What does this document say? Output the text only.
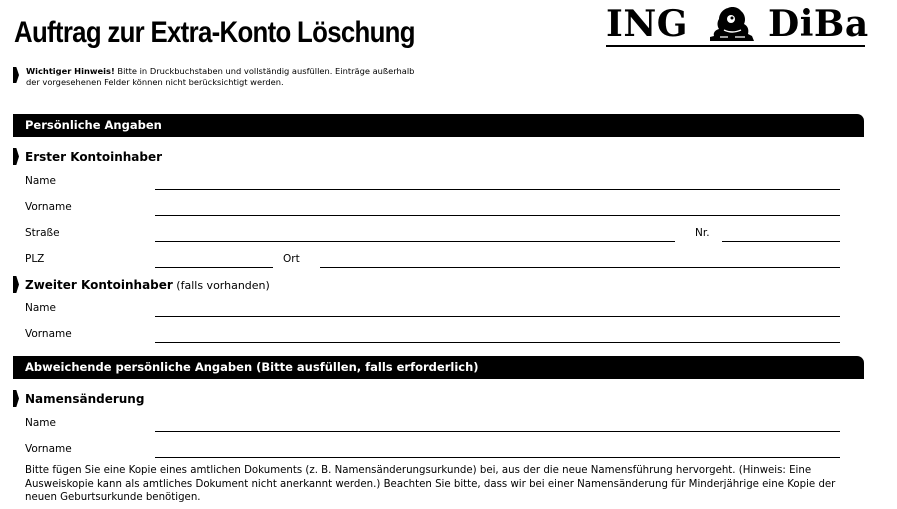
Auftrag zur Extra-Konto Löschung	ING DiBa
Wichtiger Hinweis! Bitte in Druckbuchstaben und vollständig ausfüllen. Einträge außerhalb
der vorgesehenen Felder können nicht berücksichtigt werden.
Persönliche Angaben
Erster Kontoinhaber
Name
Vorname
Straße	Nr.
PLZ	Ort
Zweiter Kontoinhaber (falls vorhanden)
Name
Vorname
Abweichende persönliche Angaben (Bitte ausfüllen, falls erforderlich)
Namensänderung
Name
Vorname
Bitte fügen Sie eine Kopie eines amtlichen Dokuments (z. B. Namensänderungsurkunde) bei, aus der die neue Namensführung hervorgeht. (Hinweis: Eine Ausweiskopie kann als amtliches Dokument nicht anerkannt werden.) Beachten Sie bitte, dass wir bei einer Namensänderung für Minderjährige eine Kopie der neuen Geburtsurkunde benötigen.
